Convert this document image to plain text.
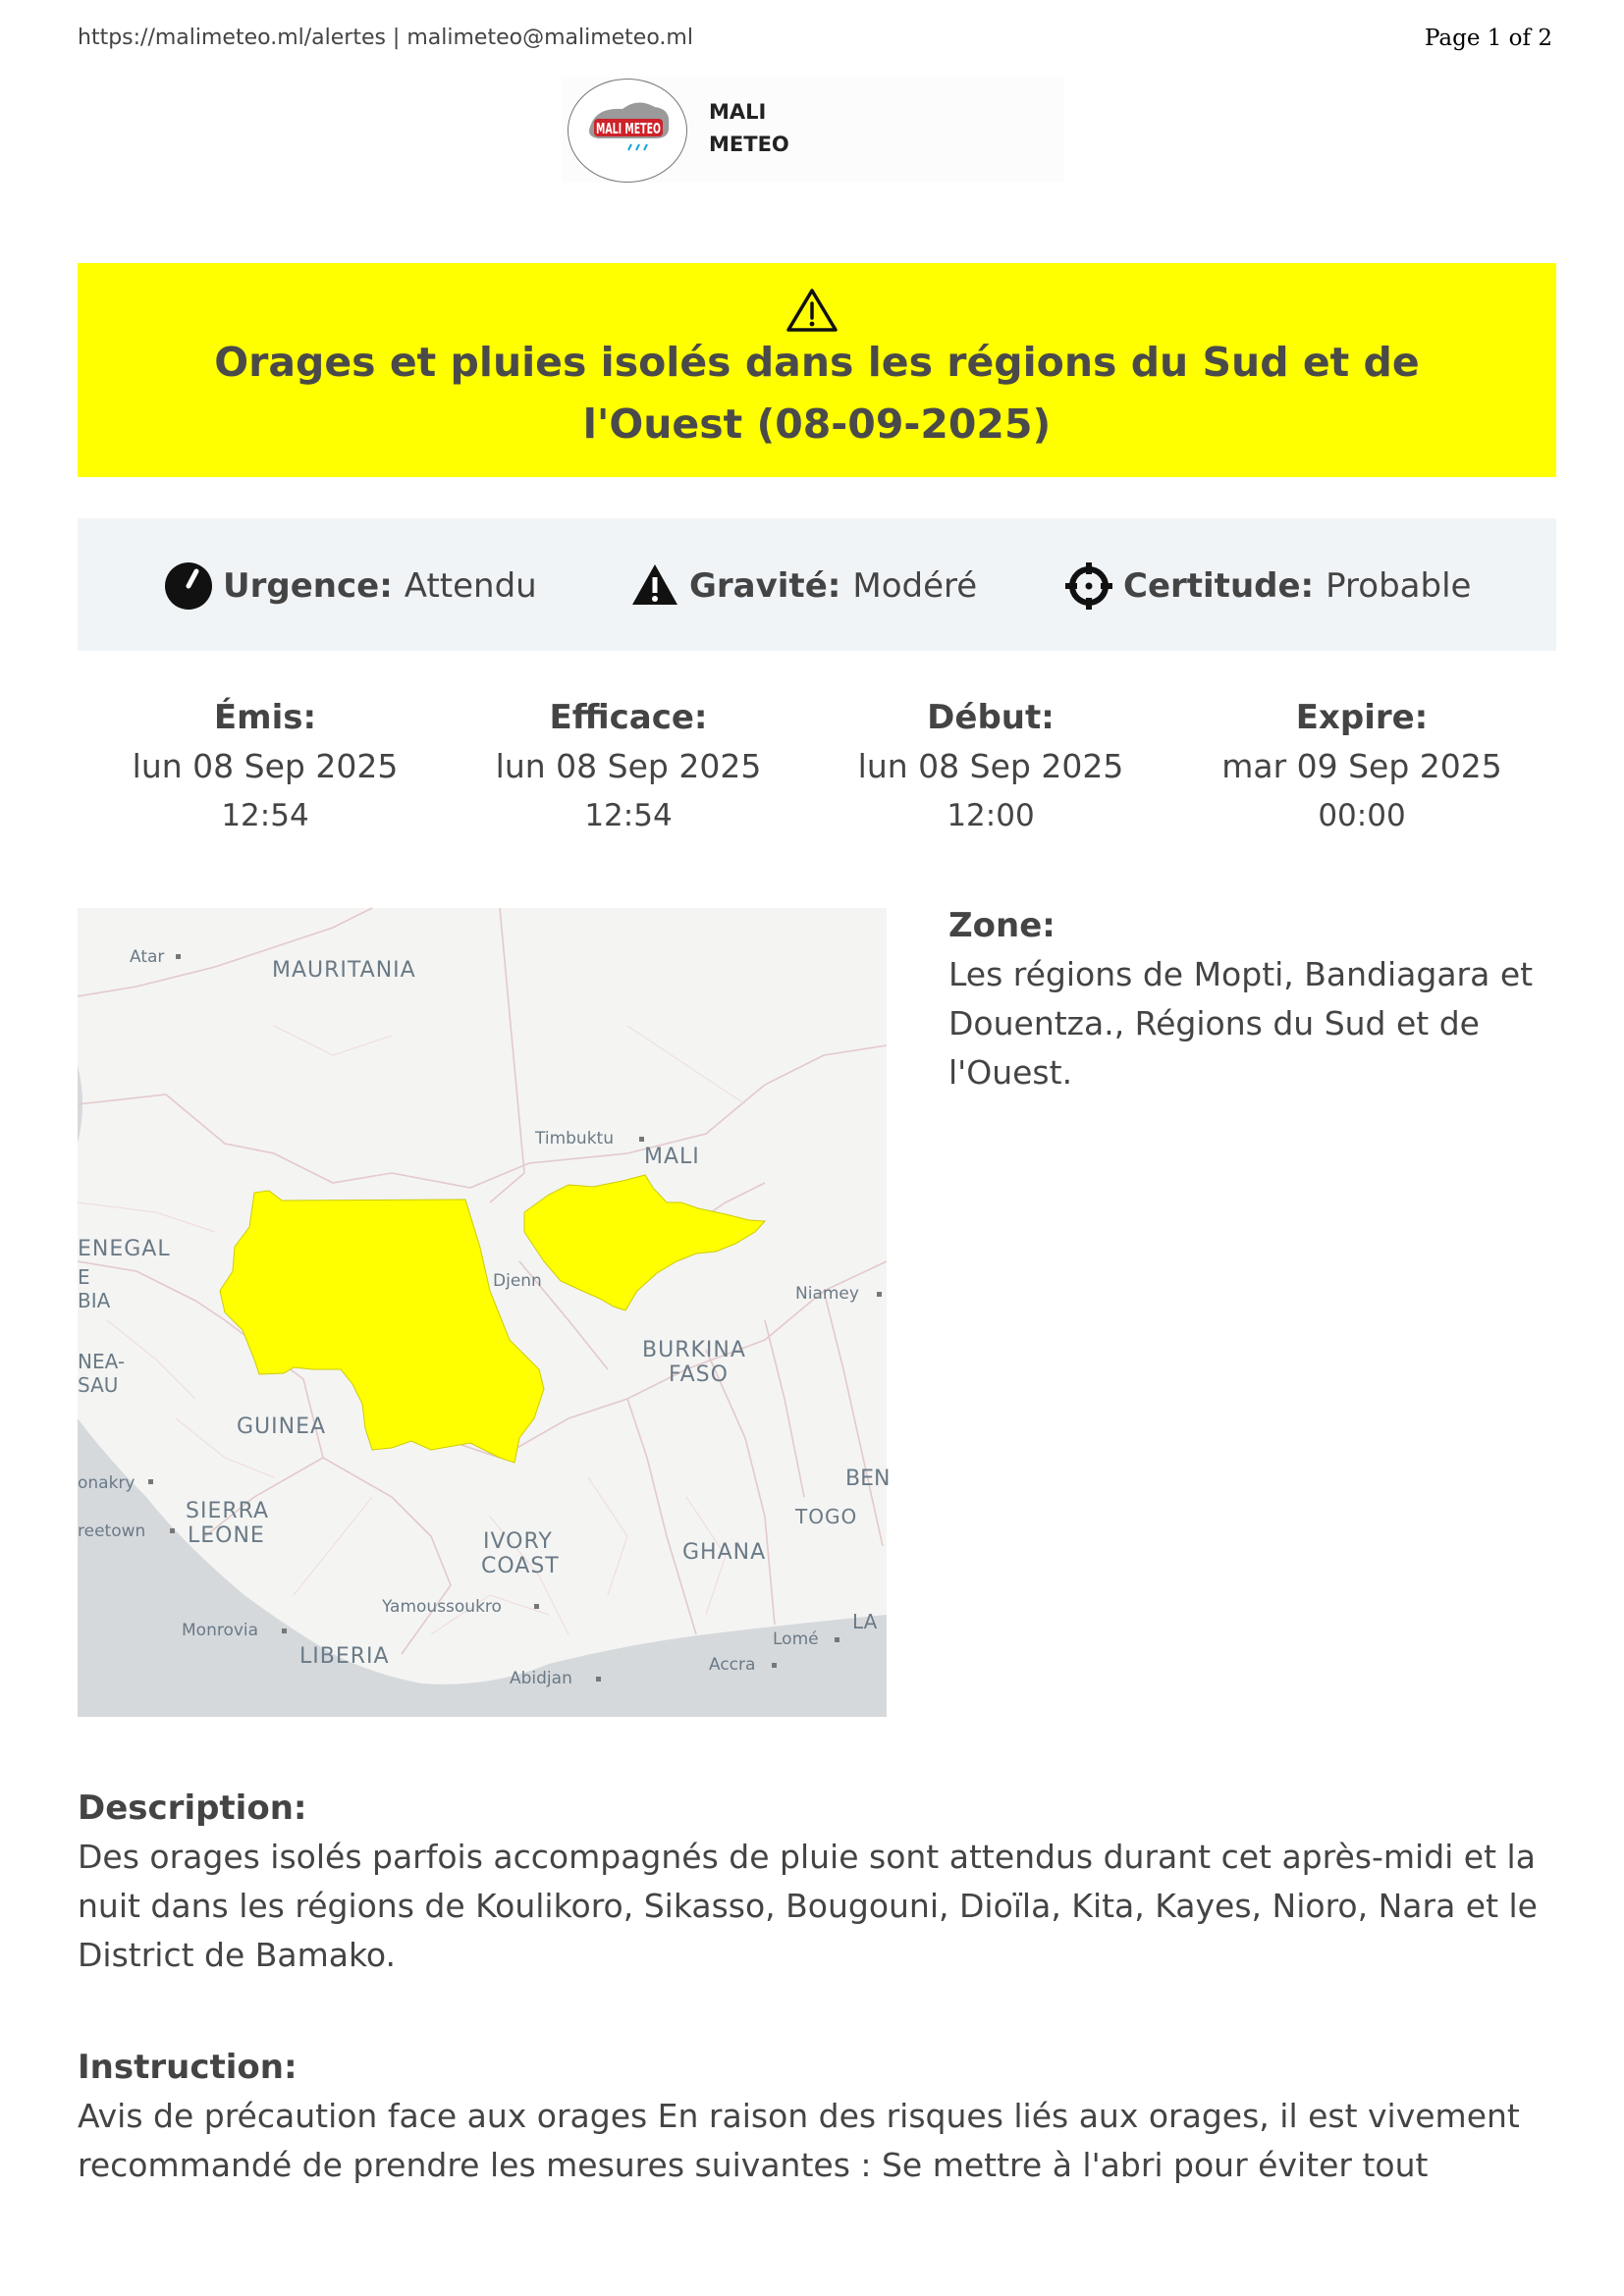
https://malimeteo.ml/alertes | malimeteo@malimeteo.ml	Page 1 of 2
MALI METEO
MALI
METEO
Orages et pluies isolés dans les régions du Sud et de l'Ouest (08-09-2025)
Urgence: Attendu	Gravité: Modéré	Certitude: Probable
Émis:
lun 08 Sep 2025
12:54
Efficace:
lun 08 Sep 2025
12:54
Début:
lun 08 Sep 2025
12:00
Expire:
mar 09 Sep 2025
00:00
Atar
MAURITANIA
Timbuktu
MALI
ENEGAL
E
BIA
Djenn
Niamey
NEA-
SAU
BURKINA
FASO
GUINEA
onakry	BEN
SIERRA
LEONE
reetown
TOGO
IVORY
COAST
GHANA
Yamoussoukro
Monrovia
LIBERIA
Lomé
LA
Accra
Abidjan
Zone:
Les régions de Mopti, Bandiagara et Douentza., Régions du Sud et de l'Ouest.
Description:
Des orages isolés parfois accompagnés de pluie sont attendus durant cet après-midi et la nuit dans les régions de Koulikoro, Sikasso, Bougouni, Dioïla, Kita, Kayes, Nioro, Nara et le District de Bamako.
Instruction:
Avis de précaution face aux orages En raison des risques liés aux orages, il est vivement recommandé de prendre les mesures suivantes : Se mettre à l'abri pour éviter tout
